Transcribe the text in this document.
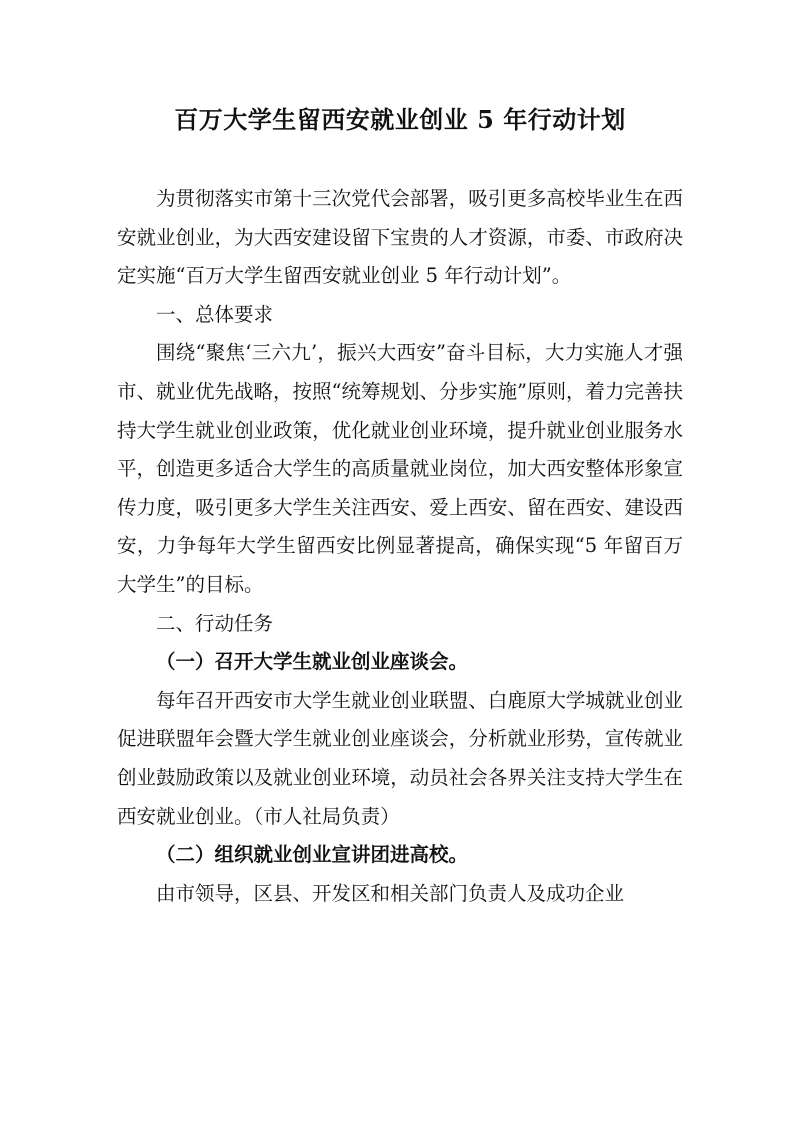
百万大学生留西安就业创业 5 年行动计划

为贯彻落实市第十三次党代会部署，吸引更多高校毕业生在西安就业创业，为大西安建设留下宝贵的人才资源，市委、市政府决定实施“百万大学生留西安就业创业 5 年行动计划”。

一、总体要求

围绕“聚焦‘三六九’，振兴大西安”奋斗目标，大力实施人才强市、就业优先战略，按照“统筹规划、分步实施”原则，着力完善扶持大学生就业创业政策，优化就业创业环境，提升就业创业服务水平，创造更多适合大学生的高质量就业岗位，加大西安整体形象宣传力度，吸引更多大学生关注西安、爱上西安、留在西安、建设西安，力争每年大学生留西安比例显著提高，确保实现“5 年留百万大学生”的目标。

二、行动任务

（一）召开大学生就业创业座谈会。

每年召开西安市大学生就业创业联盟、白鹿原大学城就业创业促进联盟年会暨大学生就业创业座谈会，分析就业形势，宣传就业创业鼓励政策以及就业创业环境，动员社会各界关注支持大学生在西安就业创业。（市人社局负责）

（二）组织就业创业宣讲团进高校。

由市领导，区县、开发区和相关部门负责人及成功企业
